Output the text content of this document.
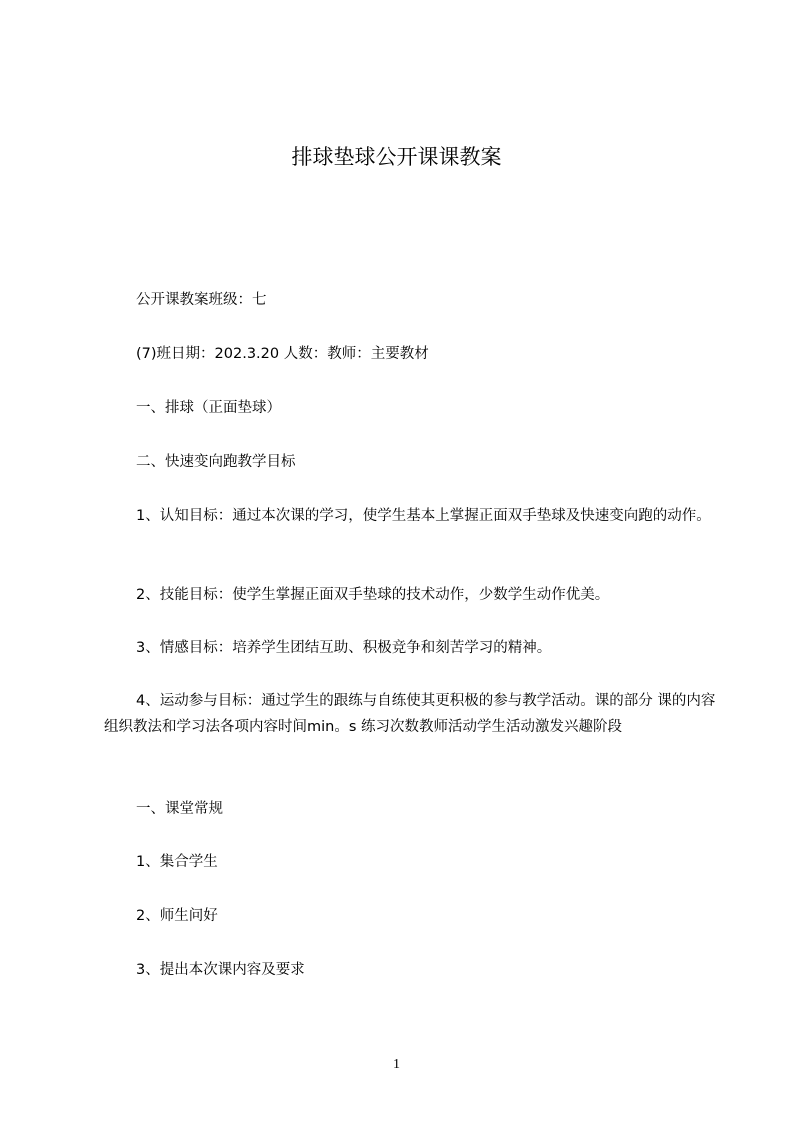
排球垫球公开课课教案
公开课教案班级：七
(7)班日期：202.3.20 人数：教师：主要教材
一、排球（正面垫球）
二、快速变向跑教学目标
1、认知目标：通过本次课的学习，使学生基本上掌握正面双手垫球及快速变向跑的动作。
2、技能目标：使学生掌握正面双手垫球的技术动作，少数学生动作优美。
3、情感目标：培养学生团结互助、积极竞争和刻苦学习的精神。
4、运动参与目标：通过学生的跟练与自练使其更积极的参与教学活动。课的部分 课的内容组织教法和学习法各项内容时间min。s 练习次数教师活动学生活动激发兴趣阶段
一、课堂常规
1、集合学生
2、师生问好
3、提出本次课内容及要求
1
